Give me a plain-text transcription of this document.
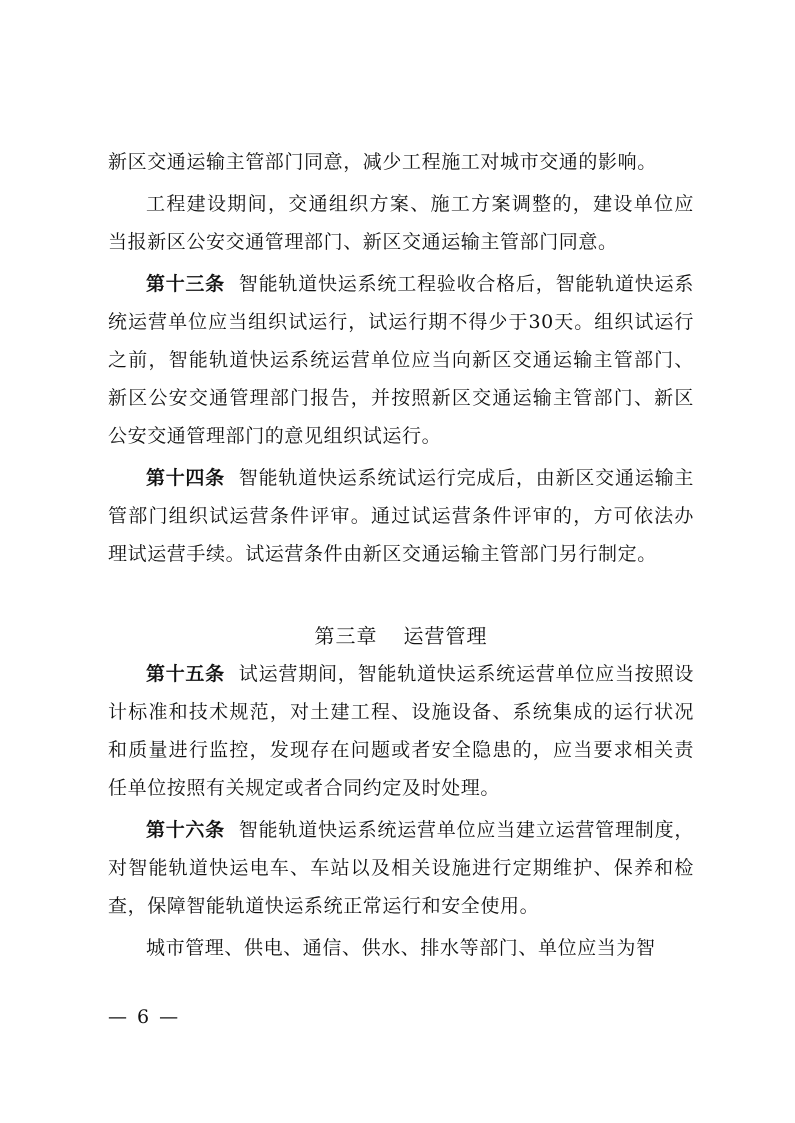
新区交通运输主管部门同意，减少工程施工对城市交通的影响。

工程建设期间，交通组织方案、施工方案调整的，建设单位应当报新区公安交通管理部门、新区交通运输主管部门同意。

第十三条 智能轨道快运系统工程验收合格后，智能轨道快运系统运营单位应当组织试运行，试运行期不得少于30天。组织试运行之前，智能轨道快运系统运营单位应当向新区交通运输主管部门、新区公安交通管理部门报告，并按照新区交通运输主管部门、新区公安交通管理部门的意见组织试运行。

第十四条 智能轨道快运系统试运行完成后，由新区交通运输主管部门组织试运营条件评审。通过试运营条件评审的，方可依法办理试运营手续。试运营条件由新区交通运输主管部门另行制定。

第三章 运营管理

第十五条 试运营期间，智能轨道快运系统运营单位应当按照设计标准和技术规范，对土建工程、设施设备、系统集成的运行状况和质量进行监控，发现存在问题或者安全隐患的，应当要求相关责任单位按照有关规定或者合同约定及时处理。

第十六条 智能轨道快运系统运营单位应当建立运营管理制度，对智能轨道快运电车、车站以及相关设施进行定期维护、保养和检查，保障智能轨道快运系统正常运行和安全使用。

城市管理、供电、通信、供水、排水等部门、单位应当为智

— 6 —
